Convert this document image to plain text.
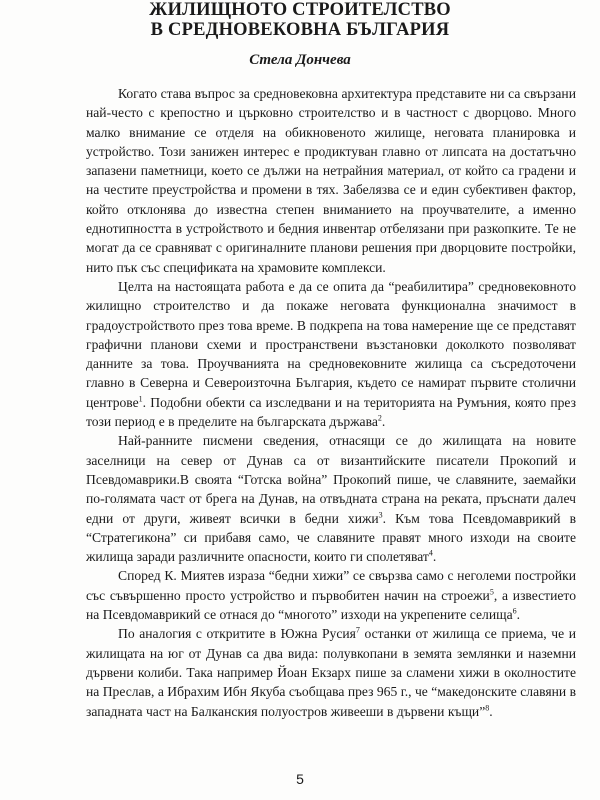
ЖИЛИЩНОТО СТРОИТЕЛСТВО
В СРЕДНОВЕКОВНА БЪЛГАРИЯ

Стела Дончева

Когато става въпрос за средновековна архитектура представите ни са свързани най-често с крепостно и църковно строителство и в частност с дворцово. Много малко внимание се отделя на обикновеното жилище, неговата планировка и устройство. Този занижен интерес е продиктуван главно от липсата на достатъчно запазени паметници, което се дължи на нетрайния материал, от който са градени и на честите преустройства и промени в тях. Забелязва се и един субективен фактор, който отклонява до известна степен вниманието на проучвателите, а именно еднотипността в устройството и бедния инвентар отбелязани при разкопките. Те не могат да се сравняват с оригиналните планови решения при дворцовите постройки, нито пък със спецификата на храмовите комплекси.

Целта на настоящата работа е да се опита да “реабилитира” средновековното жилищно строителство и да покаже неговата функционална значимост в градоустройството през това време. В подкрепа на това намерение ще се представят графични планови схеми и пространствени възстановки доколкото позволяват данните за това. Проучванията на средновековните жилища са съсредоточени главно в Северна и Североизточна България, където се намират първите столични центрове$^1$. Подобни обекти са изследвани и на територията на Румъния, която през този период е в пределите на българската държава$^2$.

Най-ранните писмени сведения, отнасящи се до жилищата на новите заселници на север от Дунав са от византийските писатели Прокопий и Псевдомаврики.В своята “Готска война” Прокопий пише, че славяните, заемайки по-голямата част от брега на Дунав, на отвъдната страна на реката, пръснати далеч едни от други, живеят всички в бедни хижи$^3$. Към това Псевдомаврикий в “Стратегикона” си прибавя само, че славяните правят много изходи на своите жилища заради различните опасности, които ги сполетяват$^4$.

Според К. Миятев израза “бедни хижи” се свързва само с неголеми постройки със съвършенно просто устройство и първобитен начин на строежи$^5$, а известието на Псевдомаврикий се отнася до “многото” изходи на укрепените селища$^6$.

По аналогия с откритите в Южна Русия$^7$ останки от жилища се приема, че и жилищата на юг от Дунав са два вида: полувкопани в земята землянки и наземни дървени колиби. Така например Йоан Екзарх пише за сламени хижи в околностите на Преслав, а Ибрахим Ибн Якуба съобщава през 965 г., че “македонските славяни в западната част на Балканския полуостров живееши в дървени къщи”$^8$.

5
